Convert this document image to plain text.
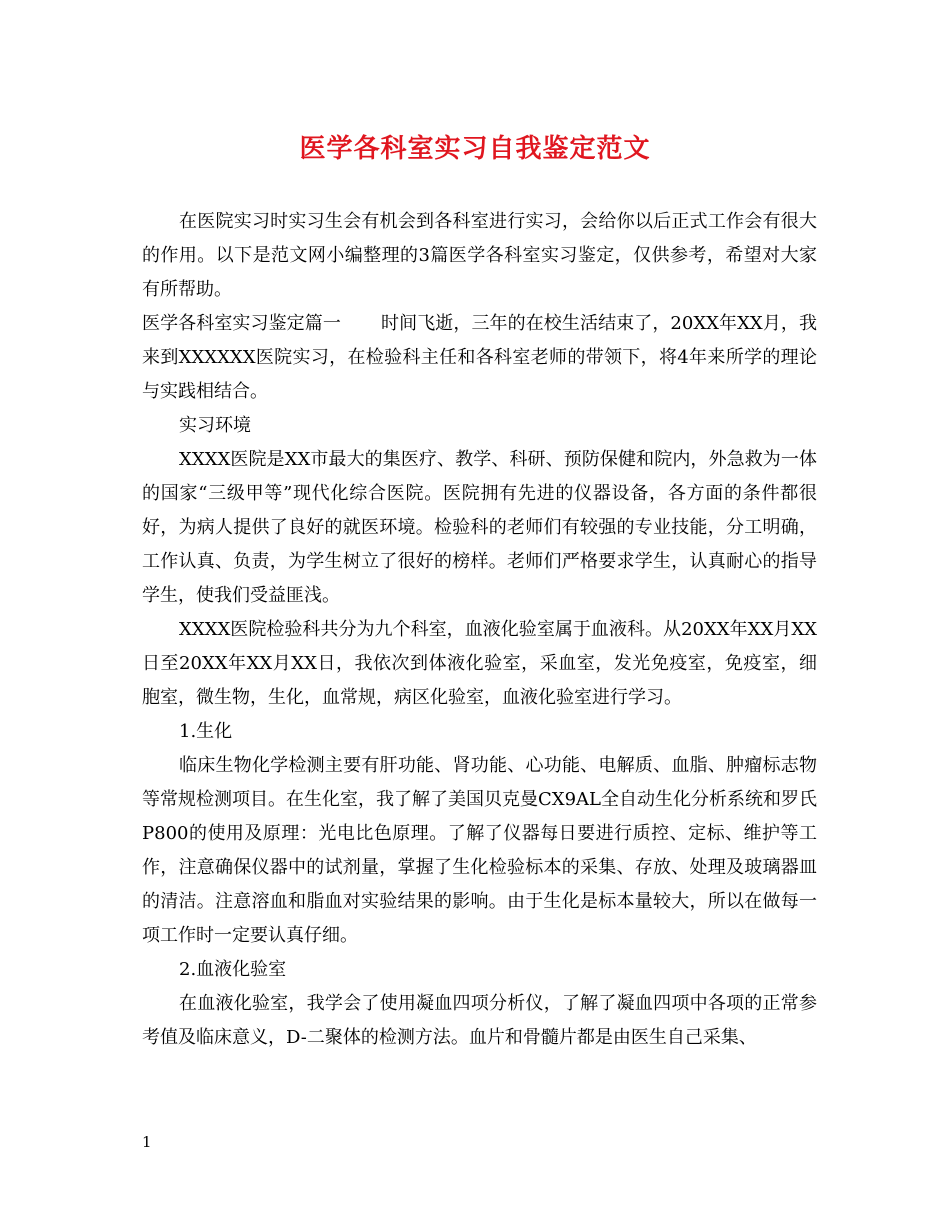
医学各科室实习自我鉴定范文

在医院实习时实习生会有机会到各科室进行实习，会给你以后正式工作会有很大的作用。以下是范文网小编整理的3篇医学各科室实习鉴定，仅供参考，希望对大家有所帮助。

医学各科室实习鉴定篇一 时间飞逝，三年的在校生活结束了，20XX年XX月，我来到XXXXXX医院实习，在检验科主任和各科室老师的带领下，将4年来所学的理论与实践相结合。

实习环境

XXXX医院是XX市最大的集医疗、教学、科研、预防保健和院内，外急救为一体的国家“三级甲等”现代化综合医院。医院拥有先进的仪器设备，各方面的条件都很好，为病人提供了良好的就医环境。检验科的老师们有较强的专业技能，分工明确，工作认真、负责，为学生树立了很好的榜样。老师们严格要求学生，认真耐心的指导学生，使我们受益匪浅。

XXXX医院检验科共分为九个科室，血液化验室属于血液科。从20XX年XX月XX日至20XX年XX月XX日，我依次到体液化验室，采血室，发光免疫室，免疫室，细胞室，微生物，生化，血常规，病区化验室，血液化验室进行学习。

1.生化

临床生物化学检测主要有肝功能、肾功能、心功能、电解质、血脂、肿瘤标志物等常规检测项目。在生化室，我了解了美国贝克曼CX9AL全自动生化分析系统和罗氏P800的使用及原理：光电比色原理。了解了仪器每日要进行质控、定标、维护等工作，注意确保仪器中的试剂量，掌握了生化检验标本的采集、存放、处理及玻璃器皿的清洁。注意溶血和脂血对实验结果的影响。由于生化是标本量较大，所以在做每一项工作时一定要认真仔细。

2.血液化验室

在血液化验室，我学会了使用凝血四项分析仪，了解了凝血四项中各项的正常参考值及临床意义，D-二聚体的检测方法。血片和骨髓片都是由医生自己采集、

1
